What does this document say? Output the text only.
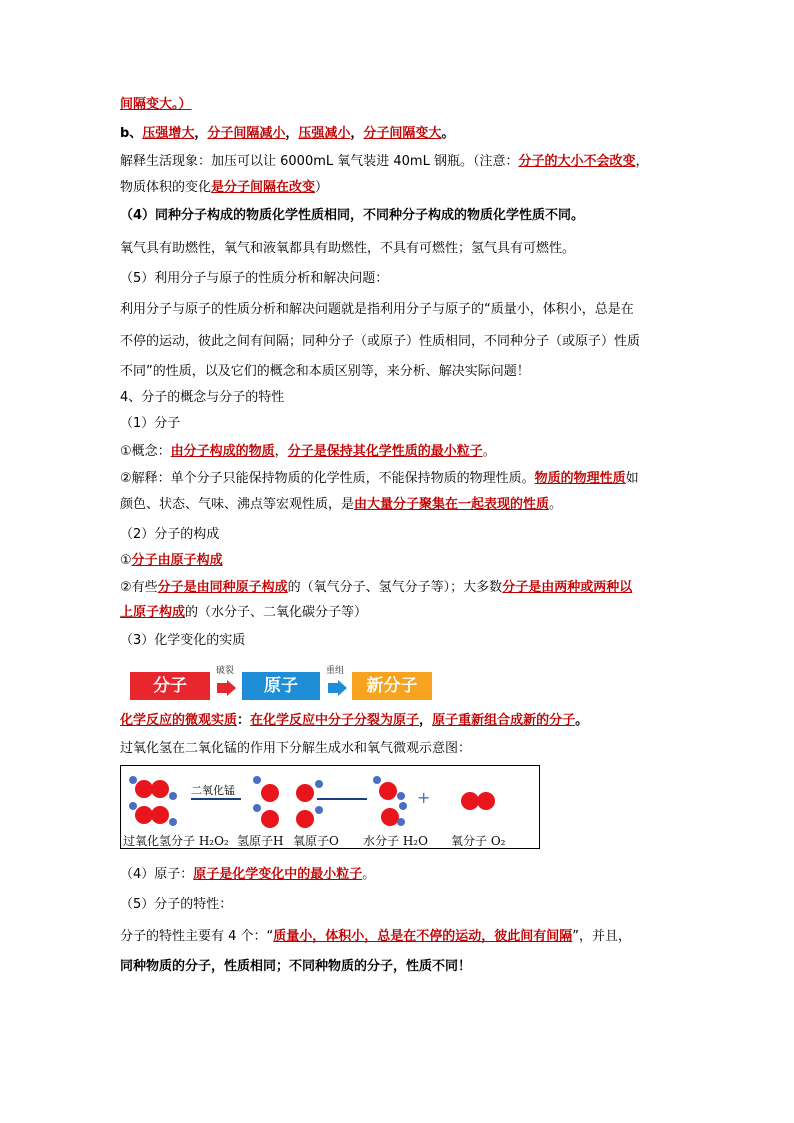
间隔变大。）
b、压强增大，分子间隔减小，压强减小，分子间隔变大。
解释生活现象：加压可以让 6000mL 氧气装进 40mL 钢瓶。（注意：分子的大小不会改变，
物质体积的变化是分子间隔在改变）
（4）同种分子构成的物质化学性质相同，不同种分子构成的物质化学性质不同。
氧气具有助燃性，氧气和液氧都具有助燃性，不具有可燃性；氢气具有可燃性。
（5）利用分子与原子的性质分析和解决问题：
利用分子与原子的性质分析和解决问题就是指利用分子与原子的“质量小，体积小，总是在
不停的运动，彼此之间有间隔；同种分子（或原子）性质相同，不同种分子（或原子）性质
不同”的性质，以及它们的概念和本质区别等，来分析、解决实际问题！
4、分子的概念与分子的特性
（1）分子
①概念：由分子构成的物质，分子是保持其化学性质的最小粒子。
②解释：单个分子只能保持物质的化学性质，不能保持物质的物理性质。物质的物理性质如
颜色、状态、气味、沸点等宏观性质，是由大量分子聚集在一起表现的性质。
（2）分子的构成
①分子由原子构成
②有些分子是由同种原子构成的（氧气分子、氢气分子等）；大多数分子是由两种或两种以
上原子构成的（水分子、二氧化碳分子等）
（3）化学变化的实质
分子
破裂
原子
重组
新分子
化学反应的微观实质：在化学反应中分子分裂为原子，原子重新组合成新的分子。
过氧化氢在二氧化锰的作用下分解生成水和氧气微观示意图：
二氧化锰	+
过氧化氢分子 H₂O₂ 氢原子H 氧原子O 水分子 H₂O 氧分子 O₂
（4）原子：原子是化学变化中的最小粒子。
（5）分子的特性：
分子的特性主要有 4 个：“质量小，体积小，总是在不停的运动，彼此间有间隔”，并且，
同种物质的分子，性质相同；不同种物质的分子，性质不同！
